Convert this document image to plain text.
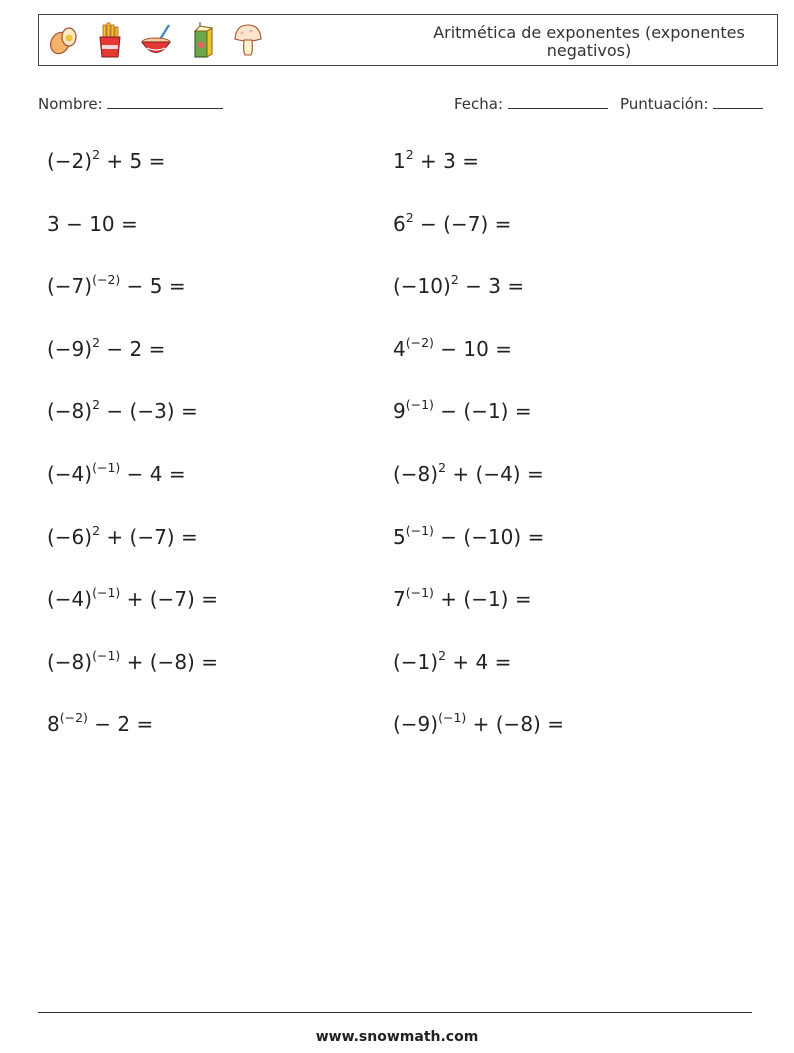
Aritmética de exponentes (exponentes negativos)
Nombre:	Fecha:	Puntuación:
$(-2)^2 + 5$ =	$1^2 + 3$ =
3 − 10 =	$6^2 - (-7)$ =
$(-7)^{(-2)} - 5$ =	$(-10)^2 - 3$ =
$(-9)^2 - 2$ =	$4^{(-2)} - 10$ =
$(-8)^2 - (-3)$ =	$9^{(-1)} - (-1)$ =
$(-4)^{(-1)} - 4$ =	$(-8)^2 + (-4)$ =
$(-6)^2 + (-7)$ =	$5^{(-1)} - (-10)$ =
$(-4)^{(-1)} + (-7)$ =	$7^{(-1)} + (-1)$ =
$(-8)^{(-1)} + (-8)$ =	$(-1)^2 + 4$ =
$8^{(-2)} - 2$ =	$(-9)^{(-1)} + (-8)$ =
www.snowmath.com
